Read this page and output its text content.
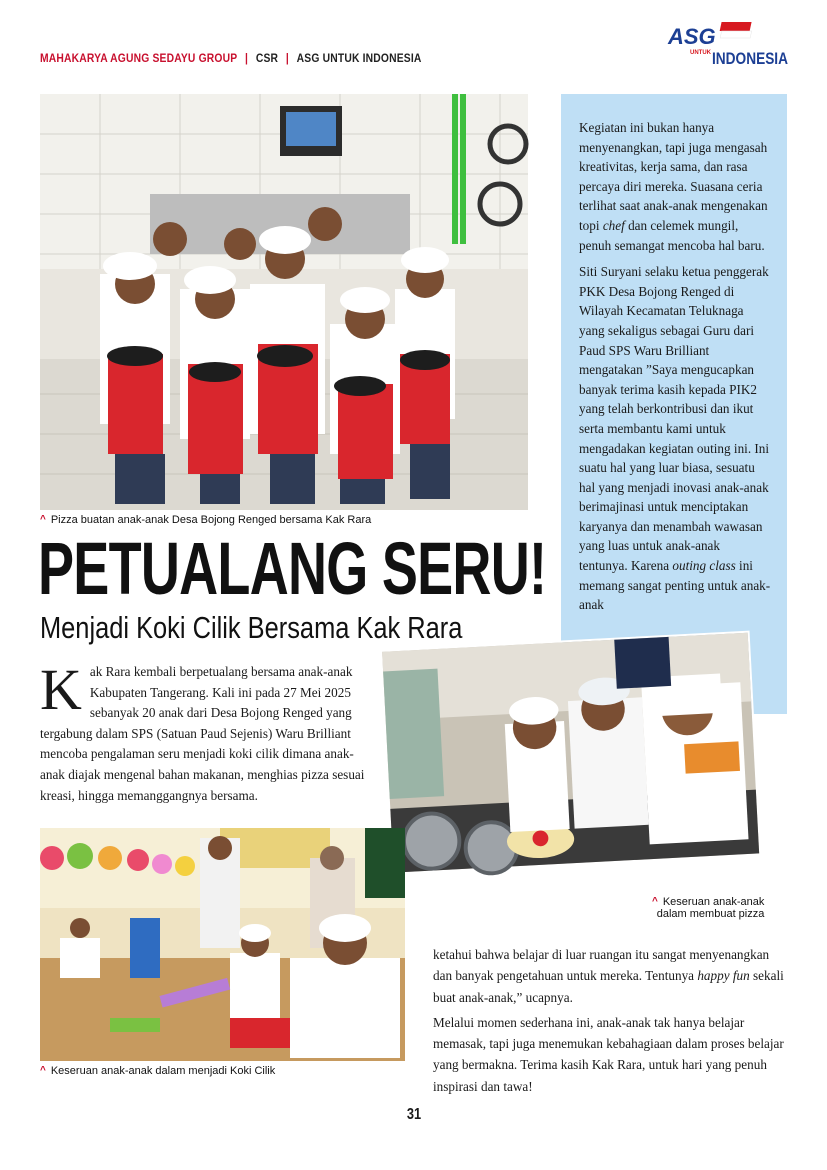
MAHAKARYA AGUNG SEDAYU GROUP | CSR | ASG UNTUK INDONESIA
ASG
UNTUK INDONESIA
^ Pizza buatan anak-anak Desa Bojong Renged bersama Kak Rara

Kegiatan ini bukan hanya menyenangkan, tapi juga mengasah kreativitas, kerja sama, dan rasa percaya diri mereka. Suasana ceria terlihat saat anak-anak mengenakan topi chef dan celemek mungil, penuh semangat mencoba hal baru.

Siti Suryani selaku ketua penggerak PKK Desa Bojong Renged di Wilayah Kecamatan Teluknaga yang sekaligus sebagai Guru dari Paud SPS Waru Brilliant mengatakan ”Saya mengucapkan banyak terima kasih kepada PIK2 yang telah berkontribusi dan ikut serta membantu kami untuk mengadakan kegiatan outing ini. Ini suatu hal yang luar biasa, sesuatu hal yang menjadi inovasi anak-anak berimajinasi untuk menciptakan karyanya dan menambah wawasan yang luas untuk anak-anak tentunya. Karena outing class ini memang sangat penting untuk anak-anak

PETUALANG SERU!
Menjadi Koki Cilik Bersama Kak Rara
K ak Rara kembali berpetualang bersama anak-anak Kabupaten Tangerang. Kali ini pada 27 Mei 2025 sebanyak 20 anak dari Desa Bojong Renged yang tergabung dalam SPS (Satuan Paud Sejenis) Waru Brilliant mencoba pengalaman seru menjadi koki cilik dimana anak-anak diajak mengenal bahan makanan, menghias pizza sesuai kreasi, hingga memanggangnya bersama.
^ Keseruan anak-anak
dalam membuat pizza
^ Keseruan anak-anak dalam menjadi Koki Cilik

ketahui bahwa belajar di luar ruangan itu sangat menyenangkan dan banyak pengetahuan untuk mereka. Tentunya happy fun sekali buat anak-anak,” ucapnya.

Melalui momen sederhana ini, anak-anak tak hanya belajar memasak, tapi juga menemukan kebahagiaan dalam proses belajar yang bermakna. Terima kasih Kak Rara, untuk hari yang penuh inspirasi dan tawa!

31
